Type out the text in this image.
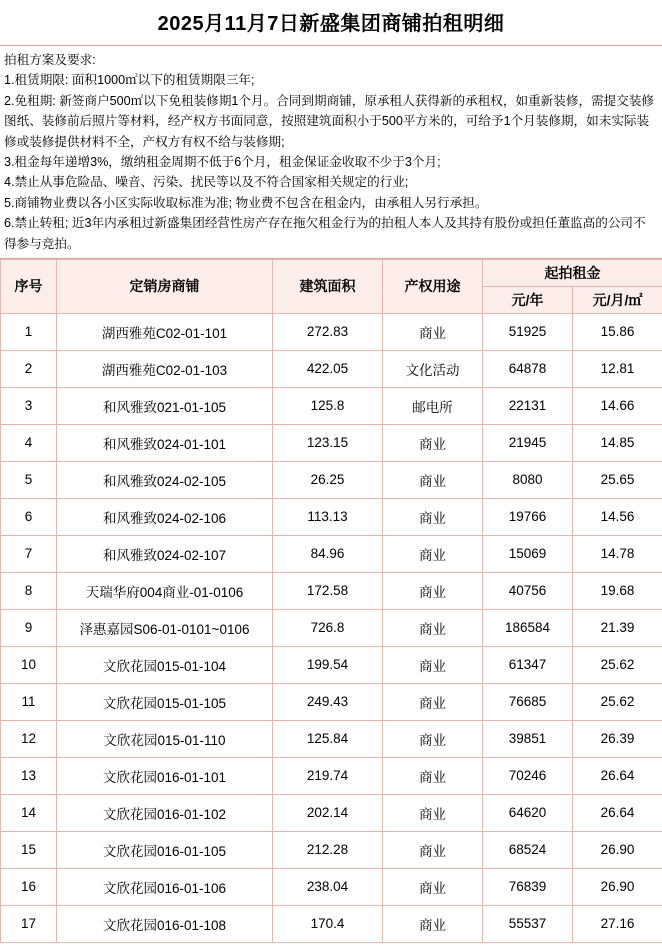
2025月11月7日新盛集团商铺拍租明细
拍租方案及要求:
1.租赁期限: 面积1000㎡以下的租赁期限三年;
2.免租期: 新签商户500㎡以下免租装修期1个月。合同到期商铺，原承租人获得新的承租权，如重新装修，需提交装修图纸、装修前后照片等材料，经产权方书面同意，按照建筑面积小于500平方米的，可给予1个月装修期，如未实际装修或装修提供材料不全，产权方有权不给与装修期;
3.租金每年递增3%，缴纳租金周期不低于6个月，租金保证金收取不少于3个月;
4.禁止从事危险品、噪音、污染、扰民等以及不符合国家相关规定的行业;
5.商铺物业费以各小区实际收取标准为准; 物业费不包含在租金内，由承租人另行承担。
6.禁止转租; 近3年内承租过新盛集团经营性房产存在拖欠租金行为的拍租人本人及其持有股份或担任董监高的公司不得参与竞拍。
序号	定销房商铺	建筑面积	产权用途	起拍租金	
				元/年	元/月/㎡
1	湖西雅苑C02-01-101	272.83	商业	51925	15.86
2	湖西雅苑C02-01-103	422.05	文化活动	64878	12.81
3	和风雅致021-01-105	125.8	邮电所	22131	14.66
4	和风雅致024-01-101	123.15	商业	21945	14.85
5	和风雅致024-02-105	26.25	商业	8080	25.65
6	和风雅致024-02-106	113.13	商业	19766	14.56
7	和风雅致024-02-107	84.96	商业	15069	14.78
8	天瑞华府004商业-01-0106	172.58	商业	40756	19.68
9	泽惠嘉园S06-01-0101~0106	726.8	商业	186584	21.39
10	文欣花园015-01-104	199.54	商业	61347	25.62
11	文欣花园015-01-105	249.43	商业	76685	25.62
12	文欣花园015-01-110	125.84	商业	39851	26.39
13	文欣花园016-01-101	219.74	商业	70246	26.64
14	文欣花园016-01-102	202.14	商业	64620	26.64
15	文欣花园016-01-105	212.28	商业	68524	26.90
16	文欣花园016-01-106	238.04	商业	76839	26.90
17	文欣花园016-01-108	170.4	商业	55537	27.16
